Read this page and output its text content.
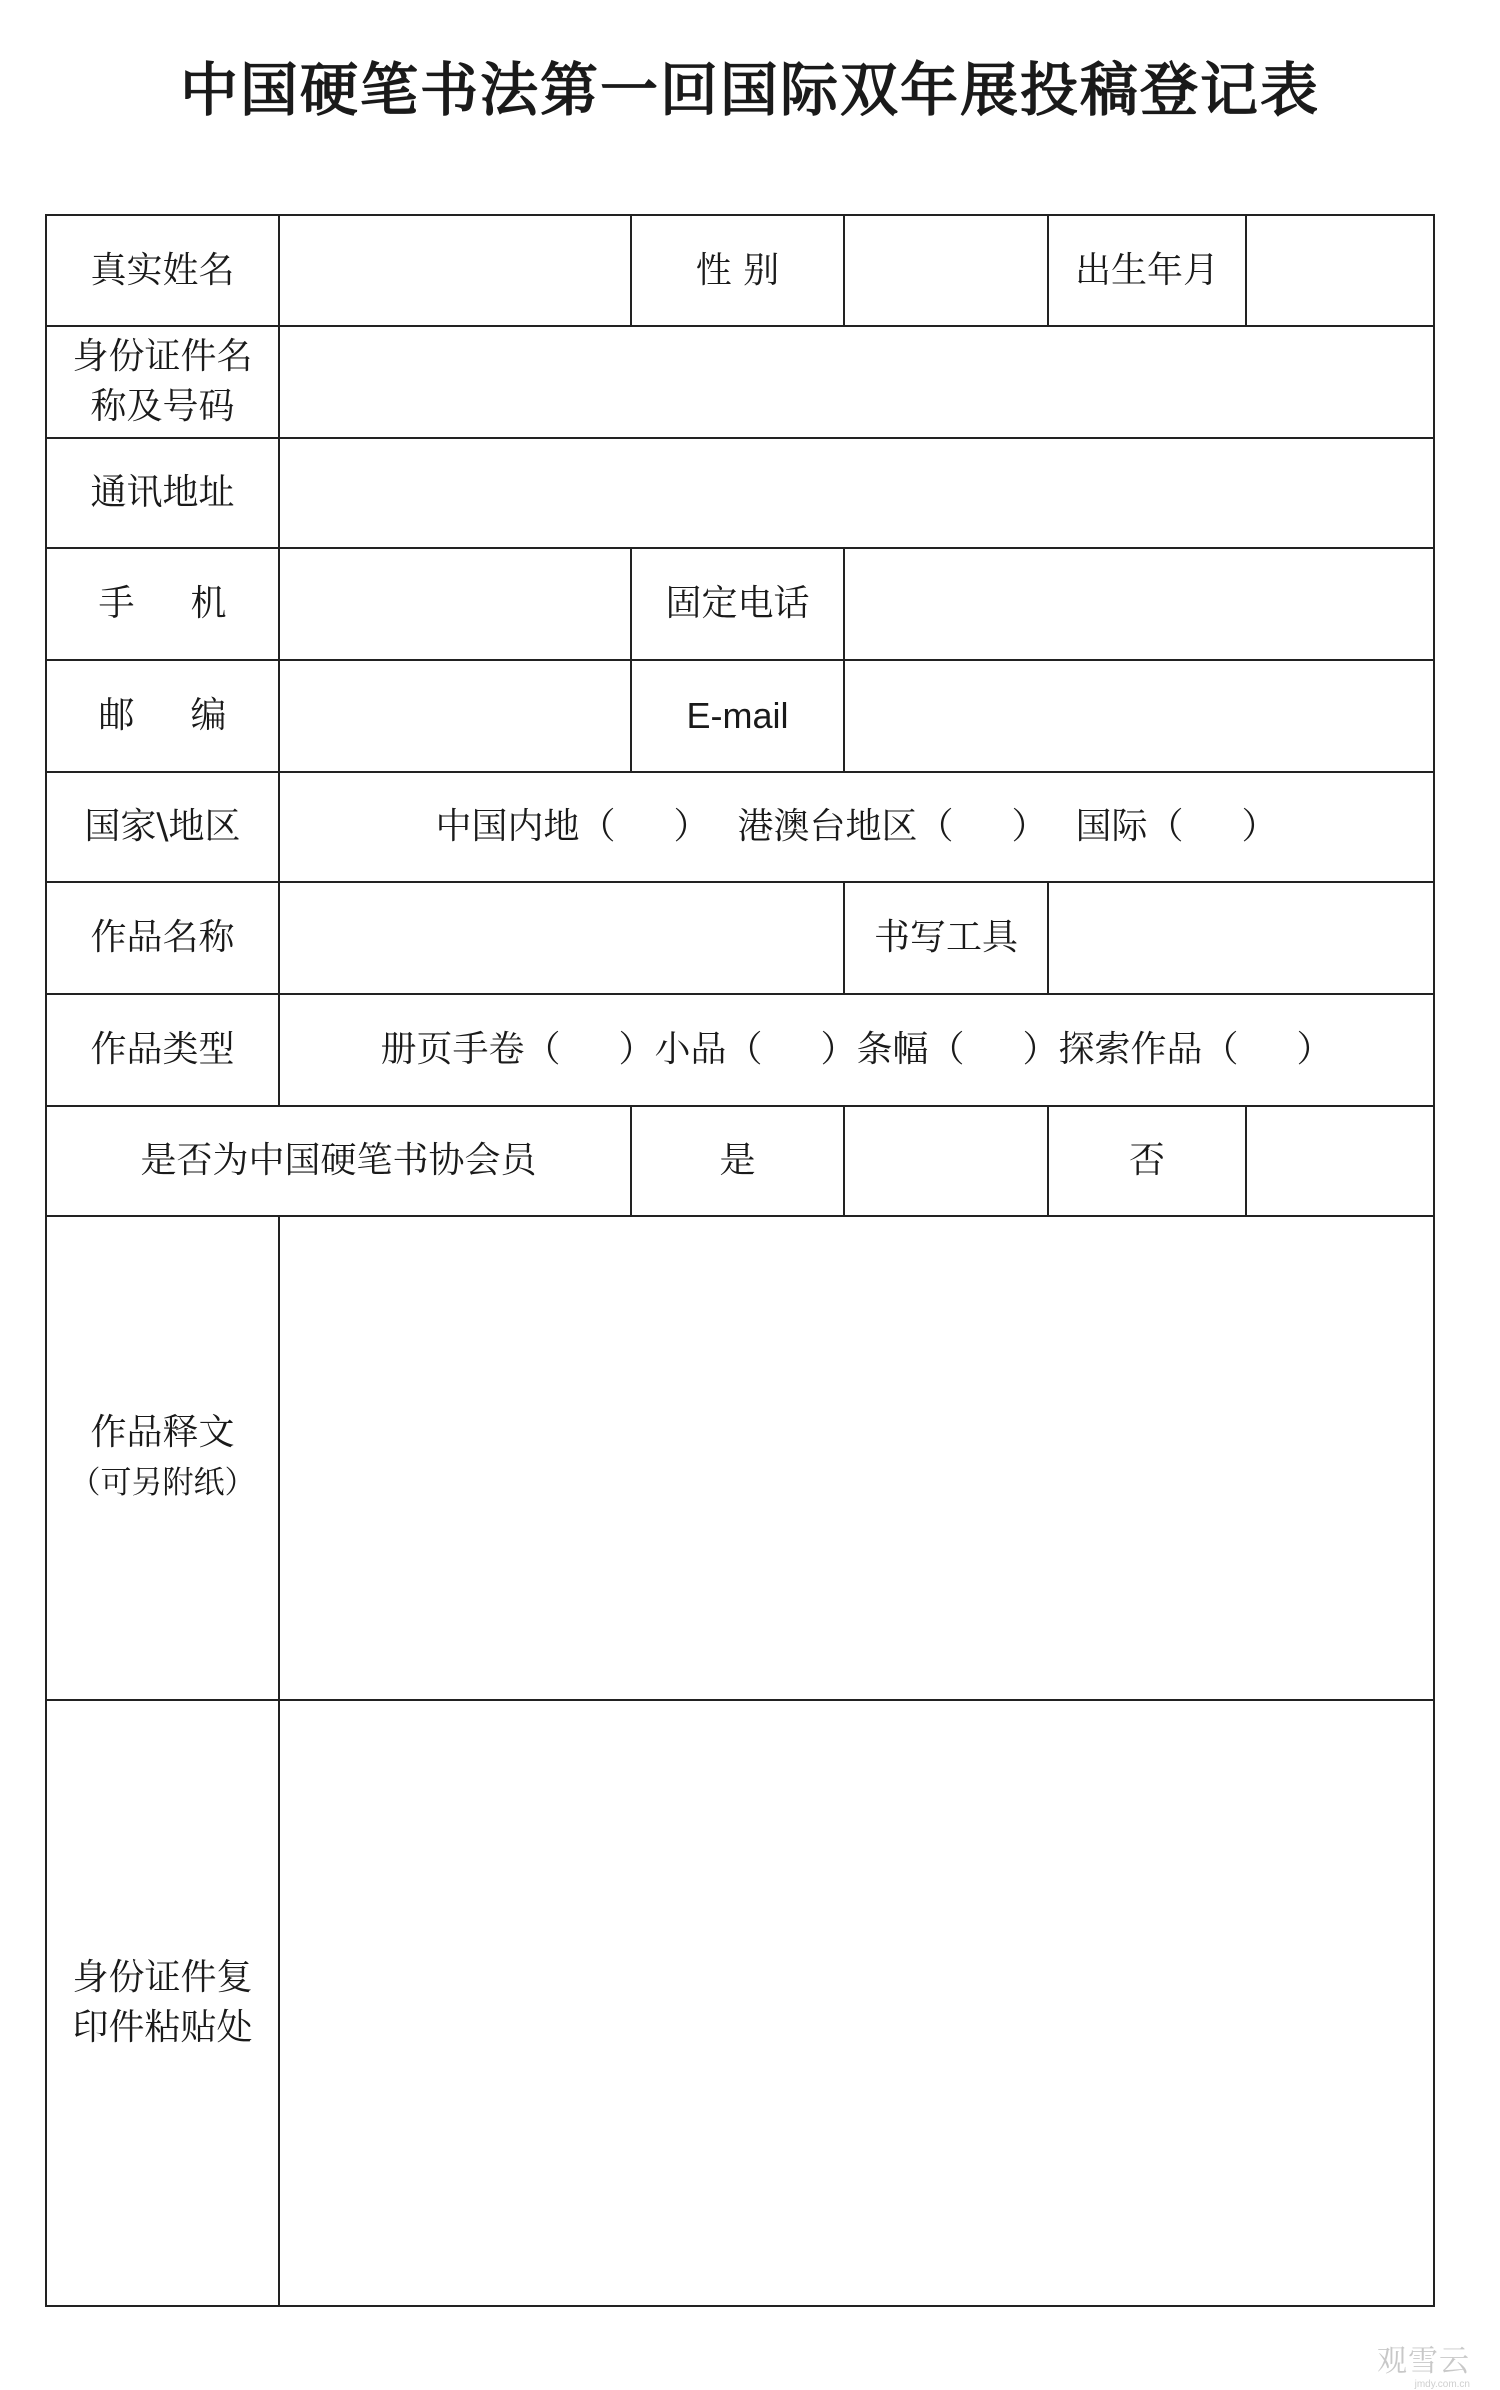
中国硬笔书法第一回国际双年展投稿登记表
真实姓名		性 别		出生年月	

身份证件名
称及号码					

通讯地址					
手 机		固定电话			
邮 编		E-mail			
国家\地区	中国内地（ ） 港澳台地区（ ） 国际（ ）				
作品名称			书写工具		
作品类型	册页手卷（ ）小品（ ）条幅（ ）探索作品（ ）				
是否为中国硬笔书协会员		是		否	

作品释文
（可另附纸）					

身份证件复
印件粘贴处					

观雪云
jmdy.com.cn
